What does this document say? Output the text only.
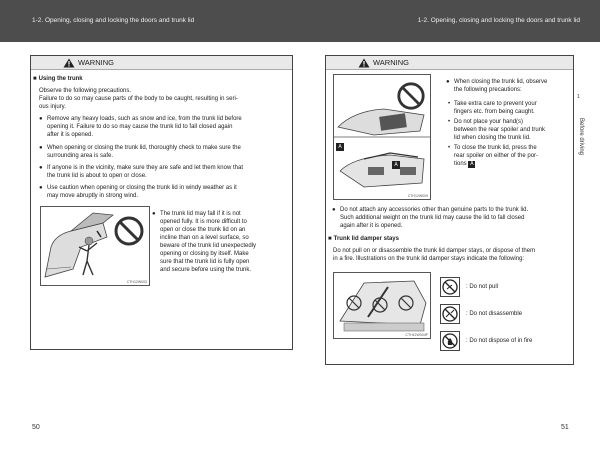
1-2. Opening, closing and locking the doors and trunk lid	1-2. Opening, closing and locking the doors and trunk lid
1
Before driving
WARNING
■ Using the trunk
Observe the following precautions.
Failure to do so may cause parts of the body to be caught, resulting in seri-
ous injury.
● Remove any heavy loads, such as snow and ice, from the trunk lid before
opening it. Failure to do so may cause the trunk lid to fall closed again
after it is opened.
● When opening or closing the trunk lid, thoroughly check to make sure the
surrounding area is safe.
● If anyone is in the vicinity, make sure they are safe and let them know that
the trunk lid is about to open or close.
● Use caution when opening or closing the trunk lid in windy weather as it
may move abruptly in strong wind.
CTH12W003
● The trunk lid may fall if it is not
opened fully. It is more difficult to
open or close the trunk lid on an
incline than on a level surface, so
beware of the trunk lid unexpectedly
opening or closing by itself. Make
sure that the trunk lid is fully open
and secure before using the trunk.
WARNING
A
A
CTH12W009
● When closing the trunk lid, observe
the following precautions:
• Take extra care to prevent your
fingers etc. from being caught.
• Do not place your hand(s)
between the rear spoiler and trunk
lid when closing the trunk lid.
• To close the trunk lid, press the
rear spoiler on either of the por-
tions A
● Do not attach any accessories other than genuine parts to the trunk lid.
Such additional weight on the trunk lid may cause the lid to fall closed
again after it is opened.
■ Trunk lid damper stays
Do not pull on or disassemble the trunk lid damper stays, or dispose of them
in a fire. Illustrations on the trunk lid damper stays indicate the following:
CTH12W004P
: Do not pull
: Do not disassemble
: Do not dispose of in fire
50	51
